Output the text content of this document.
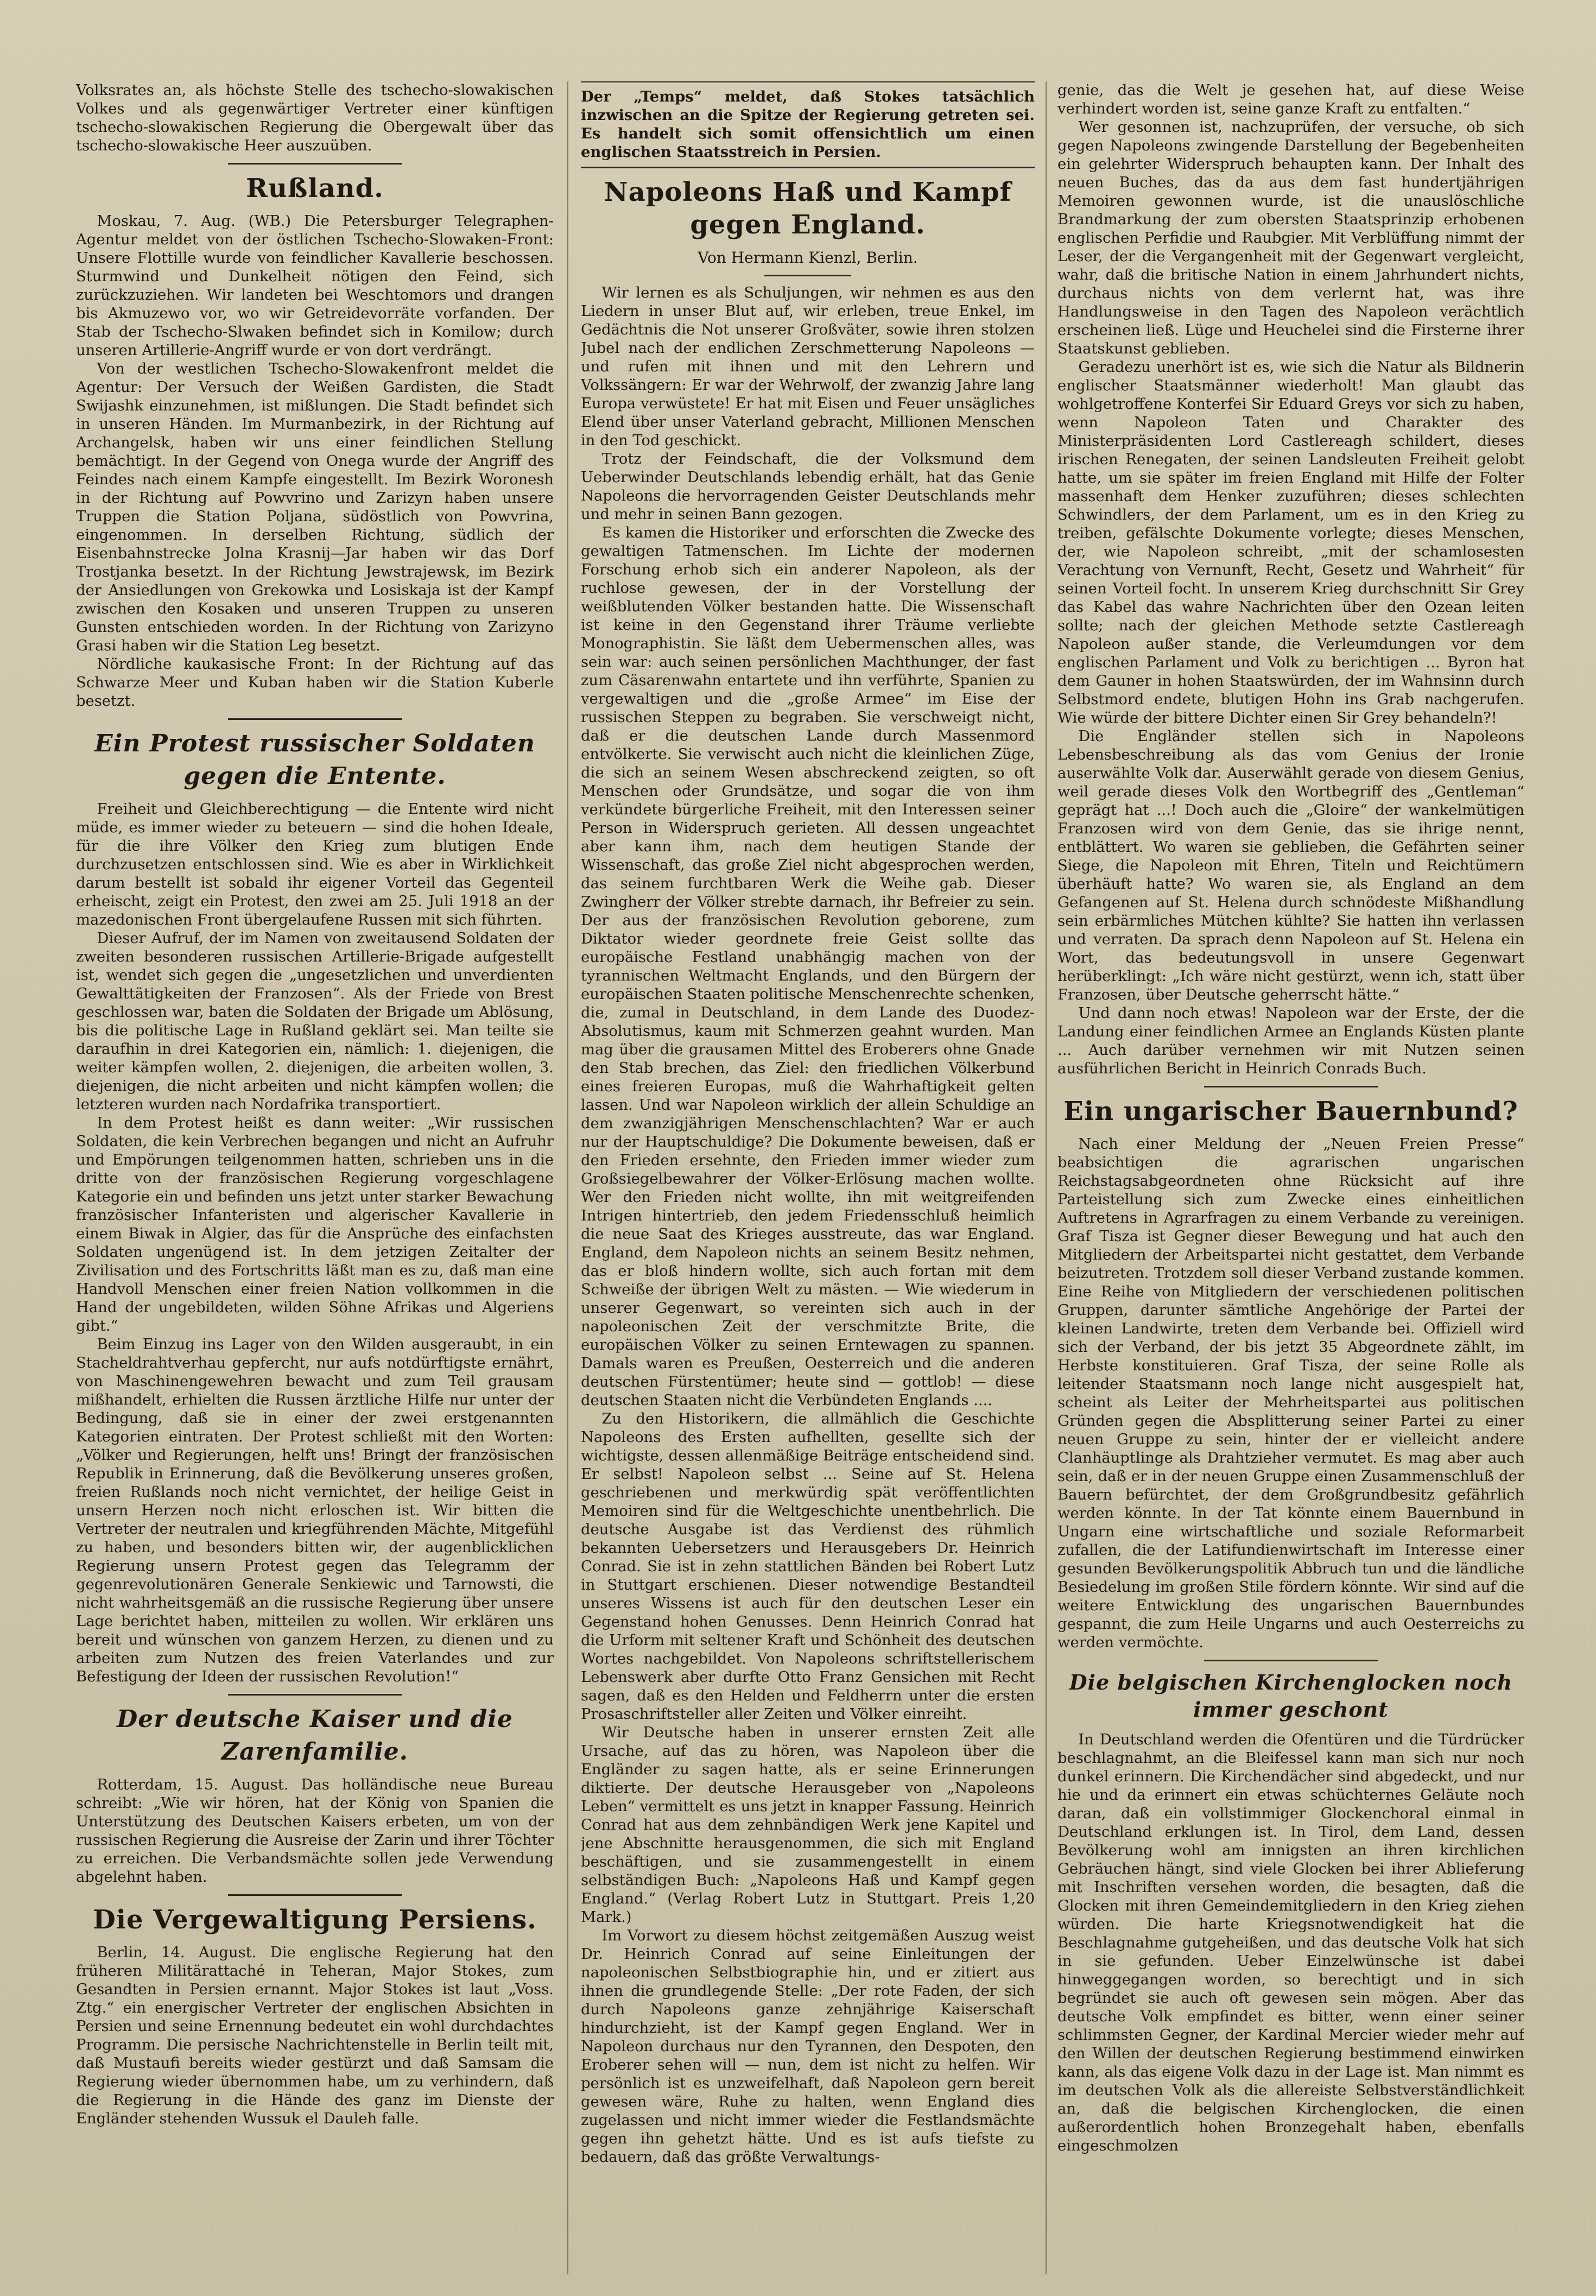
Volksrates an, als höchste Stelle des tschecho-slowakischen Volkes und als gegenwärtiger Vertreter einer künftigen tschecho-slowakischen Regierung die Obergewalt über das tschecho-slowakische Heer auszuüben.

Rußland.

Moskau, 7. Aug. (WB.) Die Petersburger Telegraphen-Agentur meldet von der östlichen Tschecho-Slowaken-Front: Unsere Flottille wurde von feindlicher Kavallerie beschossen. Sturmwind und Dunkelheit nötigen den Feind, sich zurückzuziehen. Wir landeten bei Weschtomors und drangen bis Akmuzewo vor, wo wir Getreidevorräte vorfanden. Der Stab der Tschecho-Slwaken befindet sich in Komilow; durch unseren Artillerie-Angriff wurde er von dort verdrängt.

Von der westlichen Tschecho-Slowakenfront meldet die Agentur: Der Versuch der Weißen Gardisten, die Stadt Swijashk einzunehmen, ist mißlungen. Die Stadt befindet sich in unseren Händen. Im Murmanbezirk, in der Richtung auf Archangelsk, haben wir uns einer feindlichen Stellung bemächtigt. In der Gegend von Onega wurde der Angriff des Feindes nach einem Kampfe eingestellt. Im Bezirk Woronesh in der Richtung auf Powvrino und Zarizyn haben unsere Truppen die Station Poljana, südöstlich von Powvrina, eingenommen. In derselben Richtung, südlich der Eisenbahnstrecke Jolna Krasnij—Jar haben wir das Dorf Trostjanka besetzt. In der Richtung Jewstrajewsk, im Bezirk der Ansiedlungen von Grekowka und Losiskaja ist der Kampf zwischen den Kosaken und unseren Truppen zu unseren Gunsten entschieden worden. In der Richtung von Zarizyno Grasi haben wir die Station Leg besetzt.

Nördliche kaukasische Front: In der Richtung auf das Schwarze Meer und Kuban haben wir die Station Kuberle besetzt.

Ein Protest russischer Soldaten gegen die Entente.

Freiheit und Gleichberechtigung — die Entente wird nicht müde, es immer wieder zu beteuern — sind die hohen Ideale, für die ihre Völker den Krieg zum blutigen Ende durchzusetzen entschlossen sind. Wie es aber in Wirklichkeit darum bestellt ist sobald ihr eigener Vorteil das Gegenteil erheischt, zeigt ein Protest, den zwei am 25. Juli 1918 an der mazedonischen Front übergelaufene Russen mit sich führten.

Dieser Aufruf, der im Namen von zweitausend Soldaten der zweiten besonderen russischen Artillerie-Brigade aufgestellt ist, wendet sich gegen die „ungesetzlichen und unverdienten Gewalttätigkeiten der Franzosen“. Als der Friede von Brest geschlossen war, baten die Soldaten der Brigade um Ablösung, bis die politische Lage in Rußland geklärt sei. Man teilte sie daraufhin in drei Kategorien ein, nämlich: 1. diejenigen, die weiter kämpfen wollen, 2. diejenigen, die arbeiten wollen, 3. diejenigen, die nicht arbeiten und nicht kämpfen wollen; die letzteren wurden nach Nordafrika transportiert.

In dem Protest heißt es dann weiter: „Wir russischen Soldaten, die kein Verbrechen begangen und nicht an Aufruhr und Empörungen teilgenommen hatten, schrieben uns in die dritte von der französischen Regierung vorgeschlagene Kategorie ein und befinden uns jetzt unter starker Bewachung französischer Infanteristen und algerischer Kavallerie in einem Biwak in Algier, das für die Ansprüche des einfachsten Soldaten ungenügend ist. In dem jetzigen Zeitalter der Zivilisation und des Fortschritts läßt man es zu, daß man eine Handvoll Menschen einer freien Nation vollkommen in die Hand der ungebildeten, wilden Söhne Afrikas und Algeriens gibt.“

Beim Einzug ins Lager von den Wilden ausgeraubt, in ein Stacheldrahtverhau gepfercht, nur aufs notdürftigste ernährt, von Maschinengewehren bewacht und zum Teil grausam mißhandelt, erhielten die Russen ärztliche Hilfe nur unter der Bedingung, daß sie in einer der zwei erstgenannten Kategorien eintraten. Der Protest schließt mit den Worten: „Völker und Regierungen, helft uns! Bringt der französischen Republik in Erinnerung, daß die Bevölkerung unseres großen, freien Rußlands noch nicht vernichtet, der heilige Geist in unsern Herzen noch nicht erloschen ist. Wir bitten die Vertreter der neutralen und kriegführenden Mächte, Mitgefühl zu haben, und besonders bitten wir, der augenblicklichen Regierung unsern Protest gegen das Telegramm der gegenrevolutionären Generale Senkiewic und Tarnowsti, die nicht wahrheitsgemäß an die russische Regierung über unsere Lage berichtet haben, mitteilen zu wollen. Wir erklären uns bereit und wünschen von ganzem Herzen, zu dienen und zu arbeiten zum Nutzen des freien Vaterlandes und zur Befestigung der Ideen der russischen Revolution!“

Der deutsche Kaiser und die Zarenfamilie.

Rotterdam, 15. August. Das holländische neue Bureau schreibt: „Wie wir hören, hat der König von Spanien die Unterstützung des Deutschen Kaisers erbeten, um von der russischen Regierung die Ausreise der Zarin und ihrer Töchter zu erreichen. Die Verbandsmächte sollen jede Verwendung abgelehnt haben.

Die Vergewaltigung Persiens.

Berlin, 14. August. Die englische Regierung hat den früheren Militärattaché in Teheran, Major Stokes, zum Gesandten in Persien ernannt. Major Stokes ist laut „Voss. Ztg.“ ein energischer Vertreter der englischen Absichten in Persien und seine Ernennung bedeutet ein wohl durchdachtes Programm. Die persische Nachrichtenstelle in Berlin teilt mit, daß Mustaufi bereits wieder gestürzt und daß Samsam die Regierung wieder übernommen habe, um zu verhindern, daß die Regierung in die Hände des ganz im Dienste der Engländer stehenden Wussuk el Dauleh falle.

Der „Temps“ meldet, daß Stokes tatsächlich inzwischen an die Spitze der Regierung getreten sei. Es handelt sich somit offensichtlich um einen englischen Staatsstreich in Persien.

Napoleons Haß und Kampf gegen England.
Von Hermann Kienzl, Berlin.

Wir lernen es als Schuljungen, wir nehmen es aus den Liedern in unser Blut auf, wir erleben, treue Enkel, im Gedächtnis die Not unserer Großväter, sowie ihren stolzen Jubel nach der endlichen Zerschmetterung Napoleons — und rufen mit ihnen und mit den Lehrern und Volkssängern: Er war der Wehrwolf, der zwanzig Jahre lang Europa verwüstete! Er hat mit Eisen und Feuer unsägliches Elend über unser Vaterland gebracht, Millionen Menschen in den Tod geschickt.

Trotz der Feindschaft, die der Volksmund dem Ueberwinder Deutschlands lebendig erhält, hat das Genie Napoleons die hervorragenden Geister Deutschlands mehr und mehr in seinen Bann gezogen.

Es kamen die Historiker und erforschten die Zwecke des gewaltigen Tatmenschen. Im Lichte der modernen Forschung erhob sich ein anderer Napoleon, als der ruchlose gewesen, der in der Vorstellung der weißblutenden Völker bestanden hatte. Die Wissenschaft ist keine in den Gegenstand ihrer Träume verliebte Monographistin. Sie läßt dem Uebermenschen alles, was sein war: auch seinen persönlichen Machthunger, der fast zum Cäsarenwahn entartete und ihn verführte, Spanien zu vergewaltigen und die „große Armee“ im Eise der russischen Steppen zu begraben. Sie verschweigt nicht, daß er die deutschen Lande durch Massenmord entvölkerte. Sie verwischt auch nicht die kleinlichen Züge, die sich an seinem Wesen abschreckend zeigten, so oft Menschen oder Grundsätze, und sogar die von ihm verkündete bürgerliche Freiheit, mit den Interessen seiner Person in Widerspruch gerieten. All dessen ungeachtet aber kann ihm, nach dem heutigen Stande der Wissenschaft, das große Ziel nicht abgesprochen werden, das seinem furchtbaren Werk die Weihe gab. Dieser Zwingherr der Völker strebte darnach, ihr Befreier zu sein. Der aus der französischen Revolution geborene, zum Diktator wieder geordnete freie Geist sollte das europäische Festland unabhängig machen von der tyrannischen Weltmacht Englands, und den Bürgern der europäischen Staaten politische Menschenrechte schenken, die, zumal in Deutschland, in dem Lande des Duodez-Absolutismus, kaum mit Schmerzen geahnt wurden. Man mag über die grausamen Mittel des Eroberers ohne Gnade den Stab brechen, das Ziel: den friedlichen Völkerbund eines freieren Europas, muß die Wahrhaftigkeit gelten lassen. Und war Napoleon wirklich der allein Schuldige an dem zwanzigjährigen Menschenschlachten? War er auch nur der Hauptschuldige? Die Dokumente beweisen, daß er den Frieden ersehnte, den Frieden immer wieder zum Großsiegelbewahrer der Völker-Erlösung machen wollte. Wer den Frieden nicht wollte, ihn mit weitgreifenden Intrigen hintertrieb, den jedem Friedensschluß heimlich die neue Saat des Krieges ausstreute, das war England. England, dem Napoleon nichts an seinem Besitz nehmen, das er bloß hindern wollte, sich auch fortan mit dem Schweiße der übrigen Welt zu mästen. — Wie wiederum in unserer Gegenwart, so vereinten sich auch in der napoleonischen Zeit der verschmitzte Brite, die europäischen Völker zu seinen Erntewagen zu spannen. Damals waren es Preußen, Oesterreich und die anderen deutschen Fürstentümer; heute sind — gottlob! — diese deutschen Staaten nicht die Verbündeten Englands ....

Zu den Historikern, die allmählich die Geschichte Napoleons des Ersten aufhellten, gesellte sich der wichtigste, dessen allenmäßige Beiträge entscheidend sind. Er selbst! Napoleon selbst ... Seine auf St. Helena geschriebenen und merkwürdig spät veröffentlichten Memoiren sind für die Weltgeschichte unentbehrlich. Die deutsche Ausgabe ist das Verdienst des rühmlich bekannten Uebersetzers und Herausgebers Dr. Heinrich Conrad. Sie ist in zehn stattlichen Bänden bei Robert Lutz in Stuttgart erschienen. Dieser notwendige Bestandteil unseres Wissens ist auch für den deutschen Leser ein Gegenstand hohen Genusses. Denn Heinrich Conrad hat die Urform mit seltener Kraft und Schönheit des deutschen Wortes nachgebildet. Von Napoleons schriftstellerischem Lebenswerk aber durfte Otto Franz Gensichen mit Recht sagen, daß es den Helden und Feldherrn unter die ersten Prosaschriftsteller aller Zeiten und Völker einreiht.

Wir Deutsche haben in unserer ernsten Zeit alle Ursache, auf das zu hören, was Napoleon über die Engländer zu sagen hatte, als er seine Erinnerungen diktierte. Der deutsche Herausgeber von „Napoleons Leben“ vermittelt es uns jetzt in knapper Fassung. Heinrich Conrad hat aus dem zehnbändigen Werk jene Kapitel und jene Abschnitte herausgenommen, die sich mit England beschäftigen, und sie zusammengestellt in einem selbständigen Buch: „Napoleons Haß und Kampf gegen England.“ (Verlag Robert Lutz in Stuttgart. Preis 1,20 Mark.)

Im Vorwort zu diesem höchst zeitgemäßen Auszug weist Dr. Heinrich Conrad auf seine Einleitungen der napoleonischen Selbstbiographie hin, und er zitiert aus ihnen die grundlegende Stelle: „Der rote Faden, der sich durch Napoleons ganze zehnjährige Kaiserschaft hindurchzieht, ist der Kampf gegen England. Wer in Napoleon durchaus nur den Tyrannen, den Despoten, den Eroberer sehen will — nun, dem ist nicht zu helfen. Wir persönlich ist es unzweifelhaft, daß Napoleon gern bereit gewesen wäre, Ruhe zu halten, wenn England dies zugelassen und nicht immer wieder die Festlandsmächte gegen ihn gehetzt hätte. Und es ist aufs tiefste zu bedauern, daß das größte Verwaltungs-

genie, das die Welt je gesehen hat, auf diese Weise verhindert worden ist, seine ganze Kraft zu entfalten.“

Wer gesonnen ist, nachzuprüfen, der versuche, ob sich gegen Napoleons zwingende Darstellung der Begebenheiten ein gelehrter Widerspruch behaupten kann. Der Inhalt des neuen Buches, das da aus dem fast hundertjährigen Memoiren gewonnen wurde, ist die unauslöschliche Brandmarkung der zum obersten Staatsprinzip erhobenen englischen Perfidie und Raubgier. Mit Verblüffung nimmt der Leser, der die Vergangenheit mit der Gegenwart vergleicht, wahr, daß die britische Nation in einem Jahrhundert nichts, durchaus nichts von dem verlernt hat, was ihre Handlungsweise in den Tagen des Napoleon verächtlich erscheinen ließ. Lüge und Heuchelei sind die Firsterne ihrer Staatskunst geblieben.

Geradezu unerhört ist es, wie sich die Natur als Bildnerin englischer Staatsmänner wiederholt! Man glaubt das wohlgetroffene Konterfei Sir Eduard Greys vor sich zu haben, wenn Napoleon Taten und Charakter des Ministerpräsidenten Lord Castlereagh schildert, dieses irischen Renegaten, der seinen Landsleuten Freiheit gelobt hatte, um sie später im freien England mit Hilfe der Folter massenhaft dem Henker zuzuführen; dieses schlechten Schwindlers, der dem Parlament, um es in den Krieg zu treiben, gefälschte Dokumente vorlegte; dieses Menschen, der, wie Napoleon schreibt, „mit der schamlosesten Verachtung von Vernunft, Recht, Gesetz und Wahrheit“ für seinen Vorteil focht. In unserem Krieg durchschnitt Sir Grey das Kabel das wahre Nachrichten über den Ozean leiten sollte; nach der gleichen Methode setzte Castlereagh Napoleon außer stande, die Verleumdungen vor dem englischen Parlament und Volk zu berichtigen ... Byron hat dem Gauner in hohen Staatswürden, der im Wahnsinn durch Selbstmord endete, blutigen Hohn ins Grab nachgerufen. Wie würde der bittere Dichter einen Sir Grey behandeln?!

Die Engländer stellen sich in Napoleons Lebensbeschreibung als das vom Genius der Ironie auserwählte Volk dar. Auserwählt gerade von diesem Genius, weil gerade dieses Volk den Wortbegriff des „Gentleman“ geprägt hat ...! Doch auch die „Gloire“ der wankelmütigen Franzosen wird von dem Genie, das sie ihrige nennt, entblättert. Wo waren sie geblieben, die Gefährten seiner Siege, die Napoleon mit Ehren, Titeln und Reichtümern überhäuft hatte? Wo waren sie, als England an dem Gefangenen auf St. Helena durch schnödeste Mißhandlung sein erbärmliches Mütchen kühlte? Sie hatten ihn verlassen und verraten. Da sprach denn Napoleon auf St. Helena ein Wort, das bedeutungsvoll in unsere Gegenwart herüberklingt: „Ich wäre nicht gestürzt, wenn ich, statt über Franzosen, über Deutsche geherrscht hätte.“

Und dann noch etwas! Napoleon war der Erste, der die Landung einer feindlichen Armee an Englands Küsten plante ... Auch darüber vernehmen wir mit Nutzen seinen ausführlichen Bericht in Heinrich Conrads Buch.

Ein ungarischer Bauernbund?

Nach einer Meldung der „Neuen Freien Presse“ beabsichtigen die agrarischen ungarischen Reichstagsabgeordneten ohne Rücksicht auf ihre Parteistellung sich zum Zwecke eines einheitlichen Auftretens in Agrarfragen zu einem Verbande zu vereinigen. Graf Tisza ist Gegner dieser Bewegung und hat auch den Mitgliedern der Arbeitspartei nicht gestattet, dem Verbande beizutreten. Trotzdem soll dieser Verband zustande kommen. Eine Reihe von Mitgliedern der verschiedenen politischen Gruppen, darunter sämtliche Angehörige der Partei der kleinen Landwirte, treten dem Verbande bei. Offiziell wird sich der Verband, der bis jetzt 35 Abgeordnete zählt, im Herbste konstituieren. Graf Tisza, der seine Rolle als leitender Staatsmann noch lange nicht ausgespielt hat, scheint als Leiter der Mehrheitspartei aus politischen Gründen gegen die Absplitterung seiner Partei zu einer neuen Gruppe zu sein, hinter der er vielleicht andere Clanhäuptlinge als Drahtzieher vermutet. Es mag aber auch sein, daß er in der neuen Gruppe einen Zusammenschluß der Bauern befürchtet, der dem Großgrundbesitz gefährlich werden könnte. In der Tat könnte einem Bauernbund in Ungarn eine wirtschaftliche und soziale Reformarbeit zufallen, die der Latifundienwirtschaft im Interesse einer gesunden Bevölkerungspolitik Abbruch tun und die ländliche Besiedelung im großen Stile fördern könnte. Wir sind auf die weitere Entwicklung des ungarischen Bauernbundes gespannt, die zum Heile Ungarns und auch Oesterreichs zu werden vermöchte.

Die belgischen Kirchenglocken noch immer geschont

In Deutschland werden die Ofentüren und die Türdrücker beschlagnahmt, an die Bleifessel kann man sich nur noch dunkel erinnern. Die Kirchendächer sind abgedeckt, und nur hie und da erinnert ein etwas schüchternes Geläute noch daran, daß ein vollstimmiger Glockenchoral einmal in Deutschland erklungen ist. In Tirol, dem Land, dessen Bevölkerung wohl am innigsten an ihren kirchlichen Gebräuchen hängt, sind viele Glocken bei ihrer Ablieferung mit Inschriften versehen worden, die besagten, daß die Glocken mit ihren Gemeindemitgliedern in den Krieg ziehen würden. Die harte Kriegsnotwendigkeit hat die Beschlagnahme gutgeheißen, und das deutsche Volk hat sich in sie gefunden. Ueber Einzelwünsche ist dabei hinweggegangen worden, so berechtigt und in sich begründet sie auch oft gewesen sein mögen. Aber das deutsche Volk empfindet es bitter, wenn einer seiner schlimmsten Gegner, der Kardinal Mercier wieder mehr auf den Willen der deutschen Regierung bestimmend einwirken kann, als das eigene Volk dazu in der Lage ist. Man nimmt es im deutschen Volk als die allereiste Selbstverständlichkeit an, daß die belgischen Kirchenglocken, die einen außerordentlich hohen Bronzegehalt haben, ebenfalls eingeschmolzen
